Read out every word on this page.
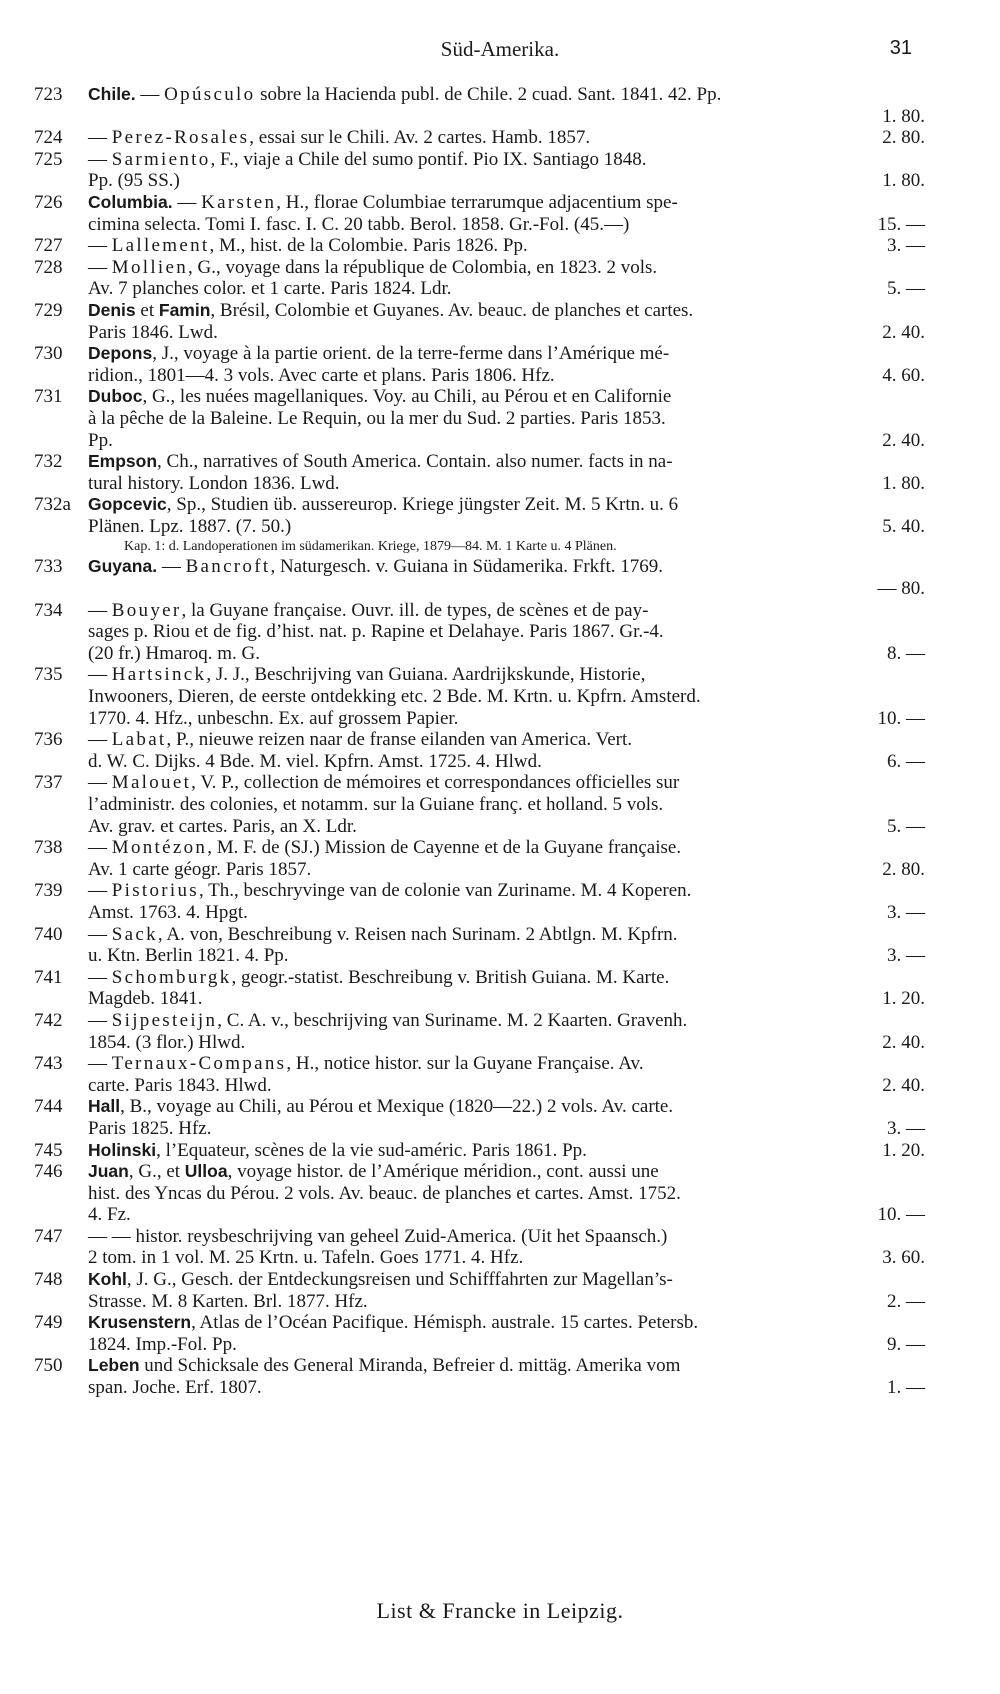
Süd-Amerika.	31
723	Chile. — Opúsculo sobre la Hacienda publ. de Chile. 2 cuad. Sant. 1841. 42. Pp.
1. 80.
724	— Perez-Rosales, essai sur le Chili. Av. 2 cartes. Hamb. 1857.	2. 80.
725	— Sarmiento, F., viaje a Chile del sumo pontif. Pio IX. Santiago 1848.
Pp. (95 SS.)	1. 80.
726	Columbia. — Karsten, H., florae Columbiae terrarumque adjacentium spe-
cimina selecta. Tomi I. fasc. I. C. 20 tabb. Berol. 1858. Gr.-Fol. (45.—)	15. —
727	— Lallement, M., hist. de la Colombie. Paris 1826. Pp.	3. —
728	— Mollien, G., voyage dans la république de Colombia, en 1823. 2 vols.
Av. 7 planches color. et 1 carte. Paris 1824. Ldr.	5. —
729	Denis et Famin, Brésil, Colombie et Guyanes. Av. beauc. de planches et cartes.
Paris 1846. Lwd.	2. 40.
730	Depons, J., voyage à la partie orient. de la terre-ferme dans l’Amérique mé-
ridion., 1801—4. 3 vols. Avec carte et plans. Paris 1806. Hfz.	4. 60.
731	Duboc, G., les nuées magellaniques. Voy. au Chili, au Pérou et en Californie
à la pêche de la Baleine. Le Requin, ou la mer du Sud. 2 parties. Paris 1853.
Pp.	2. 40.
732	Empson, Ch., narratives of South America. Contain. also numer. facts in na-
tural history. London 1836. Lwd.	1. 80.
732a Gopcevic, Sp., Studien üb. aussereurop. Kriege jüngster Zeit. M. 5 Krtn. u. 6
Plänen. Lpz. 1887. (7. 50.)	5. 40.
Kap. 1: d. Landoperationen im südamerikan. Kriege, 1879—84. M. 1 Karte u. 4 Plänen.
733	Guyana. — Bancroft, Naturgesch. v. Guiana in Südamerika. Frkft. 1769.
— 80.
734	— Bouyer, la Guyane française. Ouvr. ill. de types, de scènes et de pay-
sages p. Riou et de fig. d’hist. nat. p. Rapine et Delahaye. Paris 1867. Gr.-4.
(20 fr.) Hmaroq. m. G.	8. —
735	— Hartsinck, J. J., Beschrijving van Guiana. Aardrijkskunde, Historie,
Inwooners, Dieren, de eerste ontdekking etc. 2 Bde. M. Krtn. u. Kpfrn. Amsterd.
1770. 4. Hfz., unbeschn. Ex. auf grossem Papier.	10. —
736	— Labat, P., nieuwe reizen naar de franse eilanden van America. Vert.
d. W. C. Dijks. 4 Bde. M. viel. Kpfrn. Amst. 1725. 4. Hlwd.	6. —
737	— Malouet, V. P., collection de mémoires et correspondances officielles sur
l’administr. des colonies, et notamm. sur la Guiane franç. et holland. 5 vols.
Av. grav. et cartes. Paris, an X. Ldr.	5. —
738	— Montézon, M. F. de (SJ.) Mission de Cayenne et de la Guyane française.
Av. 1 carte géogr. Paris 1857.	2. 80.
739	— Pistorius, Th., beschryvinge van de colonie van Zuriname. M. 4 Koperen.
Amst. 1763. 4. Hpgt.	3. —
740	— Sack, A. von, Beschreibung v. Reisen nach Surinam. 2 Abtlgn. M. Kpfrn.
u. Ktn. Berlin 1821. 4. Pp.	3. —
741	— Schomburgk, geogr.-statist. Beschreibung v. British Guiana. M. Karte.
Magdeb. 1841.	1. 20.
742	— Sijpesteijn, C. A. v., beschrijving van Suriname. M. 2 Kaarten. Gravenh.
1854. (3 flor.) Hlwd.	2. 40.
743	— Ternaux-Compans, H., notice histor. sur la Guyane Française. Av.
carte. Paris 1843. Hlwd.	2. 40.
744	Hall, B., voyage au Chili, au Pérou et Mexique (1820—22.) 2 vols. Av. carte.
Paris 1825. Hfz.	3. —
745	Holinski, l’Equateur, scènes de la vie sud-améric. Paris 1861. Pp.	1. 20.
746	Juan, G., et Ulloa, voyage histor. de l’Amérique méridion., cont. aussi une
hist. des Yncas du Pérou. 2 vols. Av. beauc. de planches et cartes. Amst. 1752.
4. Fz.	10. —
747	— — histor. reysbeschrijving van geheel Zuid-America. (Uit het Spaansch.)
2 tom. in 1 vol. M. 25 Krtn. u. Tafeln. Goes 1771. 4. Hfz.	3. 60.
748	Kohl, J. G., Gesch. der Entdeckungsreisen und Schifffahrten zur Magellan’s-
Strasse. M. 8 Karten. Brl. 1877. Hfz.	2. —
749	Krusenstern, Atlas de l’Océan Pacifique. Hémisph. australe. 15 cartes. Petersb.
1824. Imp.-Fol. Pp.	9. —
750	Leben und Schicksale des General Miranda, Befreier d. mittäg. Amerika vom
span. Joche. Erf. 1807.	1. —
List & Francke in Leipzig.
